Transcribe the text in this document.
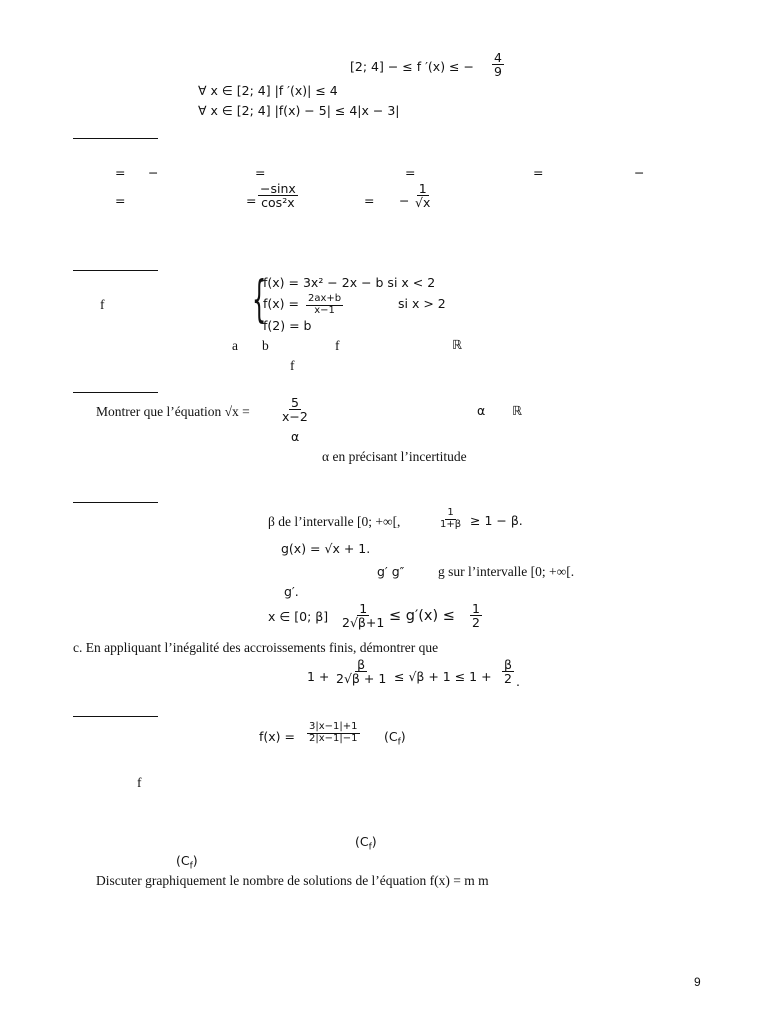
[2; 4] − ≤ f ′(x) ≤ − $\frac{4}{9}$
∀ x ∈ [2; 4] |f ′(x)| ≤ 4
∀ x ∈ [2; 4] |f(x) − 5| ≤ 4|x − 3|
= −	=	=	=	−
=	= $\frac{-\sin x}{\text{cos²x}}$	= − $\frac{1}{√x}$
f	{
f(x) = 3x² − 2x − b si x < 2
$f(x) = \frac{2ax+b}{x-1}$	si x > 2
f(2) = b
a b	f	ℝ
f
Montrer que l’équation $√x = \frac{5}{x-2}$	α ℝ
α
α en précisant l’incertitude
β de l’intervalle [0; +∞[,	$\frac{1}{1+\beta} \ge 1 - \beta$.
g(x) = √x + 1.
g′ g″ g sur l’intervalle [0; +∞[.
g′.
x ∈ [0; $\beta] \frac{1}{2√\beta+1} \le g'(x) \le \frac{1}{2}$
c. En appliquant l’inégalité des accroissements finis, démontrer que
$1 + \frac{\beta}{2√\beta + 1} \le √\beta + 1 \le 1 + \frac{\beta}{2}$ .
$f(x) = \frac{3|x-1|+1}{2|x-1|-1} (C_f)$
f
$(C_f)$
$(C_f)$
Discuter graphiquement le nombre de solutions de l’équation f(x) = m m
9
